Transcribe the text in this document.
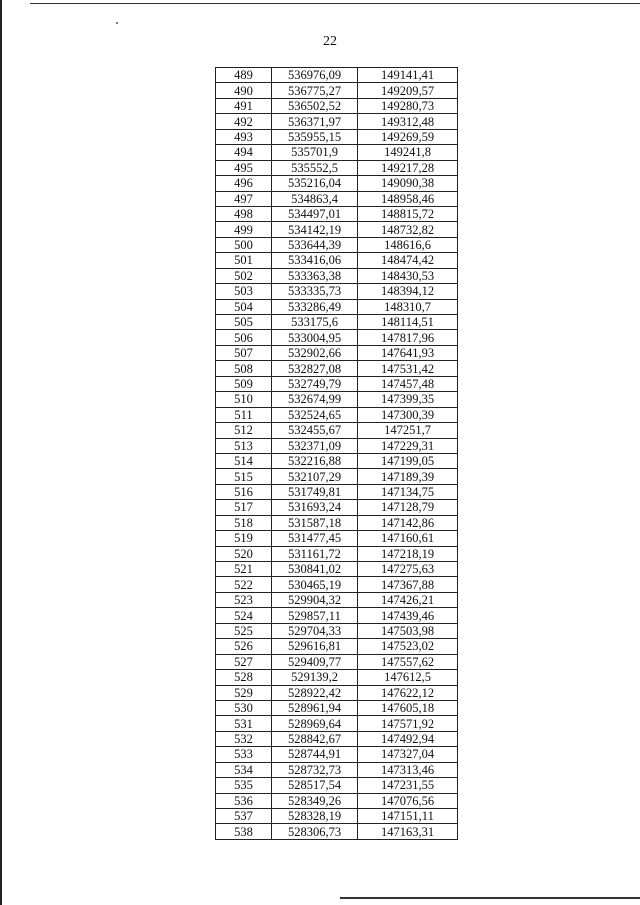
22
489	536976,09	149141,41
490	536775,27	149209,57
491	536502,52	149280,73
492	536371,97	149312,48
493	535955,15	149269,59
494	535701,9	149241,8
495	535552,5	149217,28
496	535216,04	149090,38
497	534863,4	148958,46
498	534497,01	148815,72
499	534142,19	148732,82
500	533644,39	148616,6
501	533416,06	148474,42
502	533363,38	148430,53
503	533335,73	148394,12
504	533286,49	148310,7
505	533175,6	148114,51
506	533004,95	147817,96
507	532902,66	147641,93
508	532827,08	147531,42
509	532749,79	147457,48
510	532674,99	147399,35
511	532524,65	147300,39
512	532455,67	147251,7
513	532371,09	147229,31
514	532216,88	147199,05
515	532107,29	147189,39
516	531749,81	147134,75
517	531693,24	147128,79
518	531587,18	147142,86
519	531477,45	147160,61
520	531161,72	147218,19
521	530841,02	147275,63
522	530465,19	147367,88
523	529904,32	147426,21
524	529857,11	147439,46
525	529704,33	147503,98
526	529616,81	147523,02
527	529409,77	147557,62
528	529139,2	147612,5
529	528922,42	147622,12
530	528961,94	147605,18
531	528969,64	147571,92
532	528842,67	147492,94
533	528744,91	147327,04
534	528732,73	147313,46
535	528517,54	147231,55
536	528349,26	147076,56
537	528328,19	147151,11
538	528306,73	147163,31
